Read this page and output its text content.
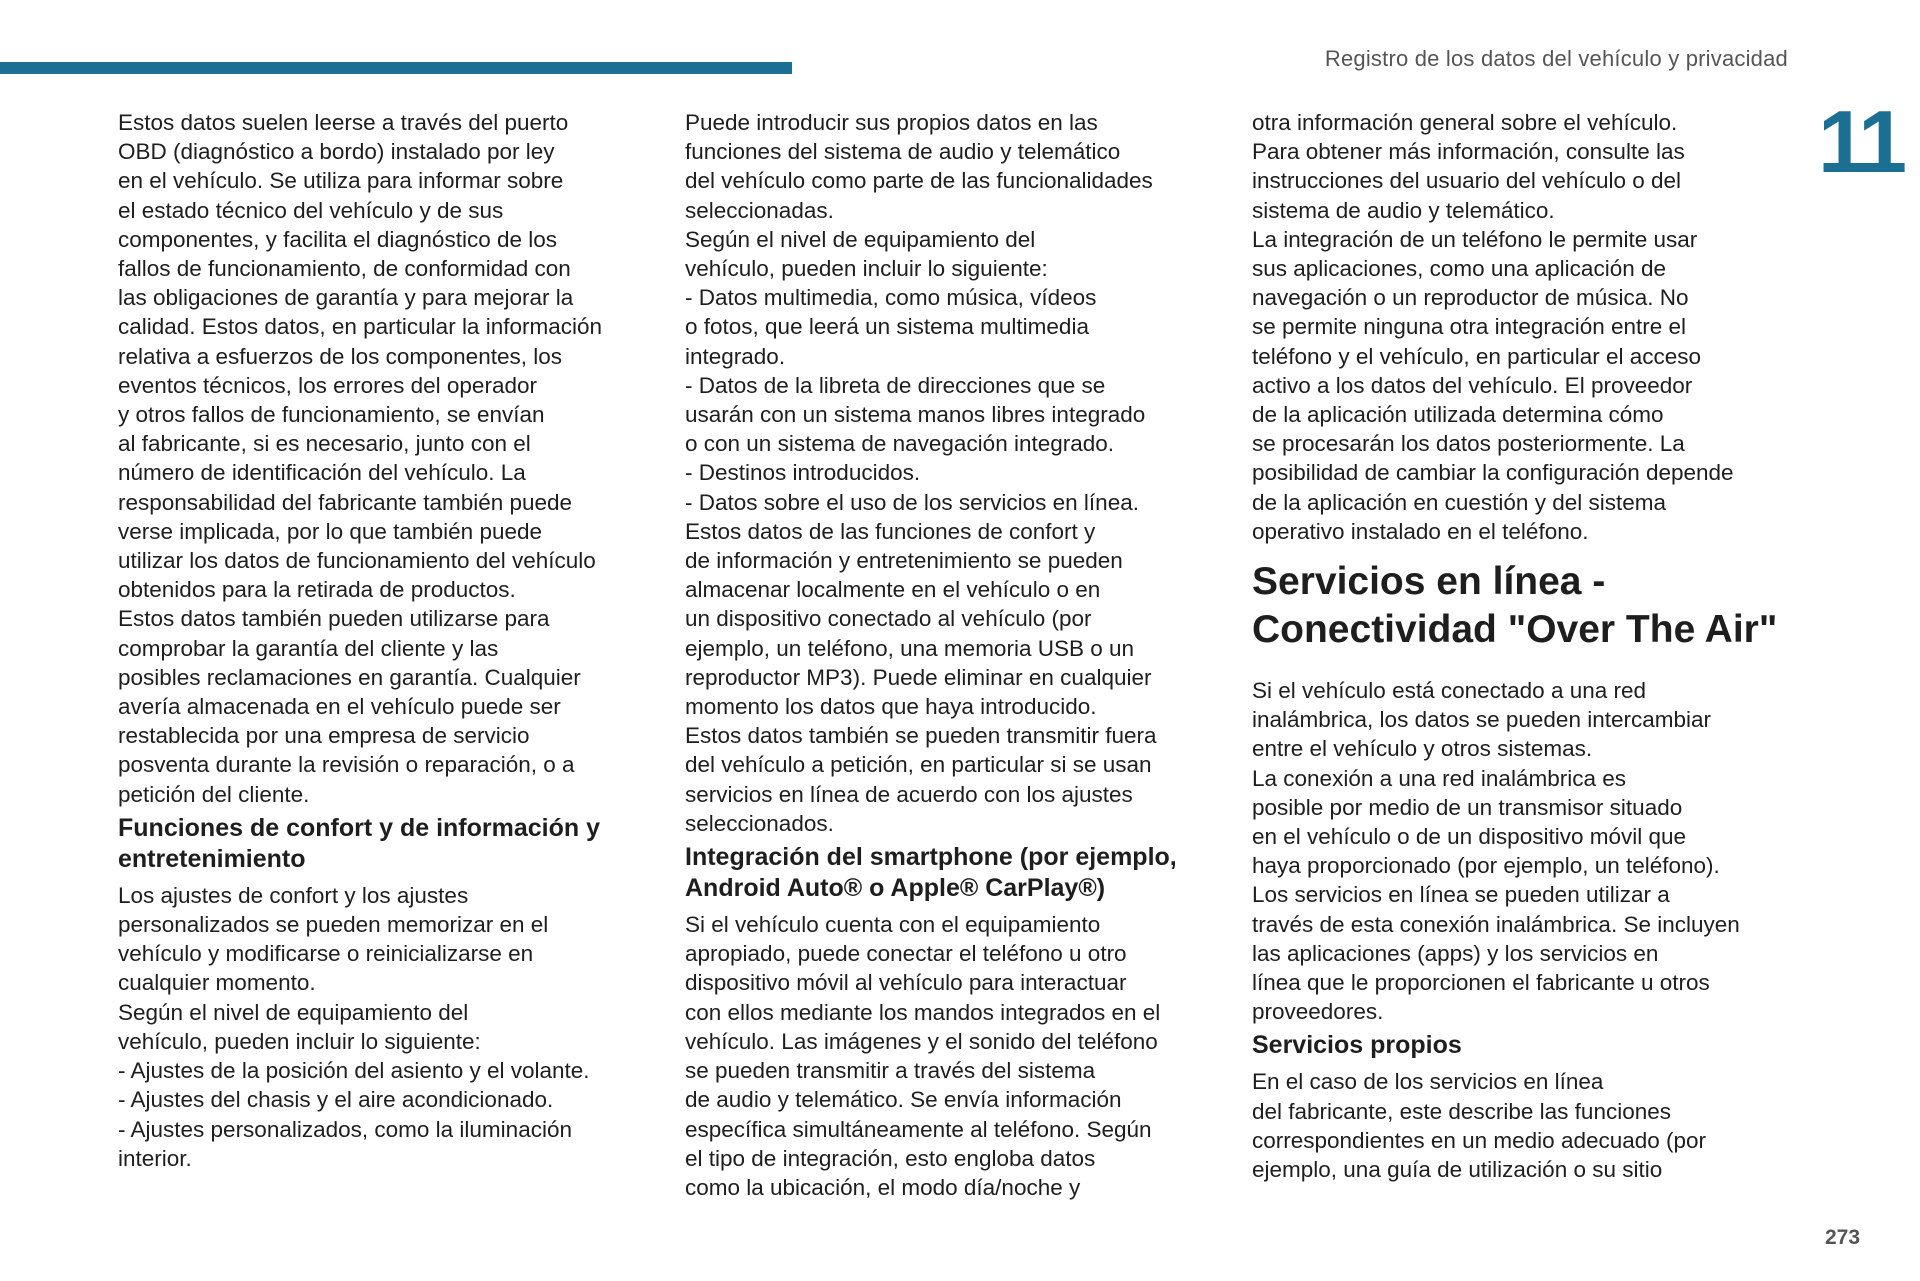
Registro de los datos del vehículo y privacidad
11

Estos datos suelen leerse a través del puerto
OBD (diagnóstico a bordo) instalado por ley
en el vehículo. Se utiliza para informar sobre
el estado técnico del vehículo y de sus
componentes, y facilita el diagnóstico de los
fallos de funcionamiento, de conformidad con
las obligaciones de garantía y para mejorar la
calidad. Estos datos, en particular la información
relativa a esfuerzos de los componentes, los
eventos técnicos, los errores del operador
y otros fallos de funcionamiento, se envían
al fabricante, si es necesario, junto con el
número de identificación del vehículo. La
responsabilidad del fabricante también puede
verse implicada, por lo que también puede
utilizar los datos de funcionamiento del vehículo
obtenidos para la retirada de productos.
Estos datos también pueden utilizarse para
comprobar la garantía del cliente y las
posibles reclamaciones en garantía. Cualquier
avería almacenada en el vehículo puede ser
restablecida por una empresa de servicio
posventa durante la revisión o reparación, o a
petición del cliente.

Funciones de confort y de información y
entretenimiento

Los ajustes de confort y los ajustes
personalizados se pueden memorizar en el
vehículo y modificarse o reinicializarse en
cualquier momento.
Según el nivel de equipamiento del
vehículo, pueden incluir lo siguiente:
- Ajustes de la posición del asiento y el volante.
- Ajustes del chasis y el aire acondicionado.
- Ajustes personalizados, como la iluminación
interior.

Puede introducir sus propios datos en las
funciones del sistema de audio y telemático
del vehículo como parte de las funcionalidades
seleccionadas.
Según el nivel de equipamiento del
vehículo, pueden incluir lo siguiente:
- Datos multimedia, como música, vídeos
o fotos, que leerá un sistema multimedia
integrado.
- Datos de la libreta de direcciones que se
usarán con un sistema manos libres integrado
o con un sistema de navegación integrado.
- Destinos introducidos.
- Datos sobre el uso de los servicios en línea.
Estos datos de las funciones de confort y
de información y entretenimiento se pueden
almacenar localmente en el vehículo o en
un dispositivo conectado al vehículo (por
ejemplo, un teléfono, una memoria USB o un
reproductor MP3). Puede eliminar en cualquier
momento los datos que haya introducido.
Estos datos también se pueden transmitir fuera
del vehículo a petición, en particular si se usan
servicios en línea de acuerdo con los ajustes
seleccionados.

Integración del smartphone (por ejemplo,
Android Auto® o Apple® CarPlay®)

Si el vehículo cuenta con el equipamiento
apropiado, puede conectar el teléfono u otro
dispositivo móvil al vehículo para interactuar
con ellos mediante los mandos integrados en el
vehículo. Las imágenes y el sonido del teléfono
se pueden transmitir a través del sistema
de audio y telemático. Se envía información
específica simultáneamente al teléfono. Según
el tipo de integración, esto engloba datos
como la ubicación, el modo día/noche y

otra información general sobre el vehículo.
Para obtener más información, consulte las
instrucciones del usuario del vehículo o del
sistema de audio y telemático.
La integración de un teléfono le permite usar
sus aplicaciones, como una aplicación de
navegación o un reproductor de música. No
se permite ninguna otra integración entre el
teléfono y el vehículo, en particular el acceso
activo a los datos del vehículo. El proveedor
de la aplicación utilizada determina cómo
se procesarán los datos posteriormente. La
posibilidad de cambiar la configuración depende
de la aplicación en cuestión y del sistema
operativo instalado en el teléfono.

Servicios en línea -
Conectividad "Over The Air"

Si el vehículo está conectado a una red
inalámbrica, los datos se pueden intercambiar
entre el vehículo y otros sistemas.
La conexión a una red inalámbrica es
posible por medio de un transmisor situado
en el vehículo o de un dispositivo móvil que
haya proporcionado (por ejemplo, un teléfono).
Los servicios en línea se pueden utilizar a
través de esta conexión inalámbrica. Se incluyen
las aplicaciones (apps) y los servicios en
línea que le proporcionen el fabricante u otros
proveedores.

Servicios propios

En el caso de los servicios en línea
del fabricante, este describe las funciones
correspondientes en un medio adecuado (por
ejemplo, una guía de utilización o su sitio

273
